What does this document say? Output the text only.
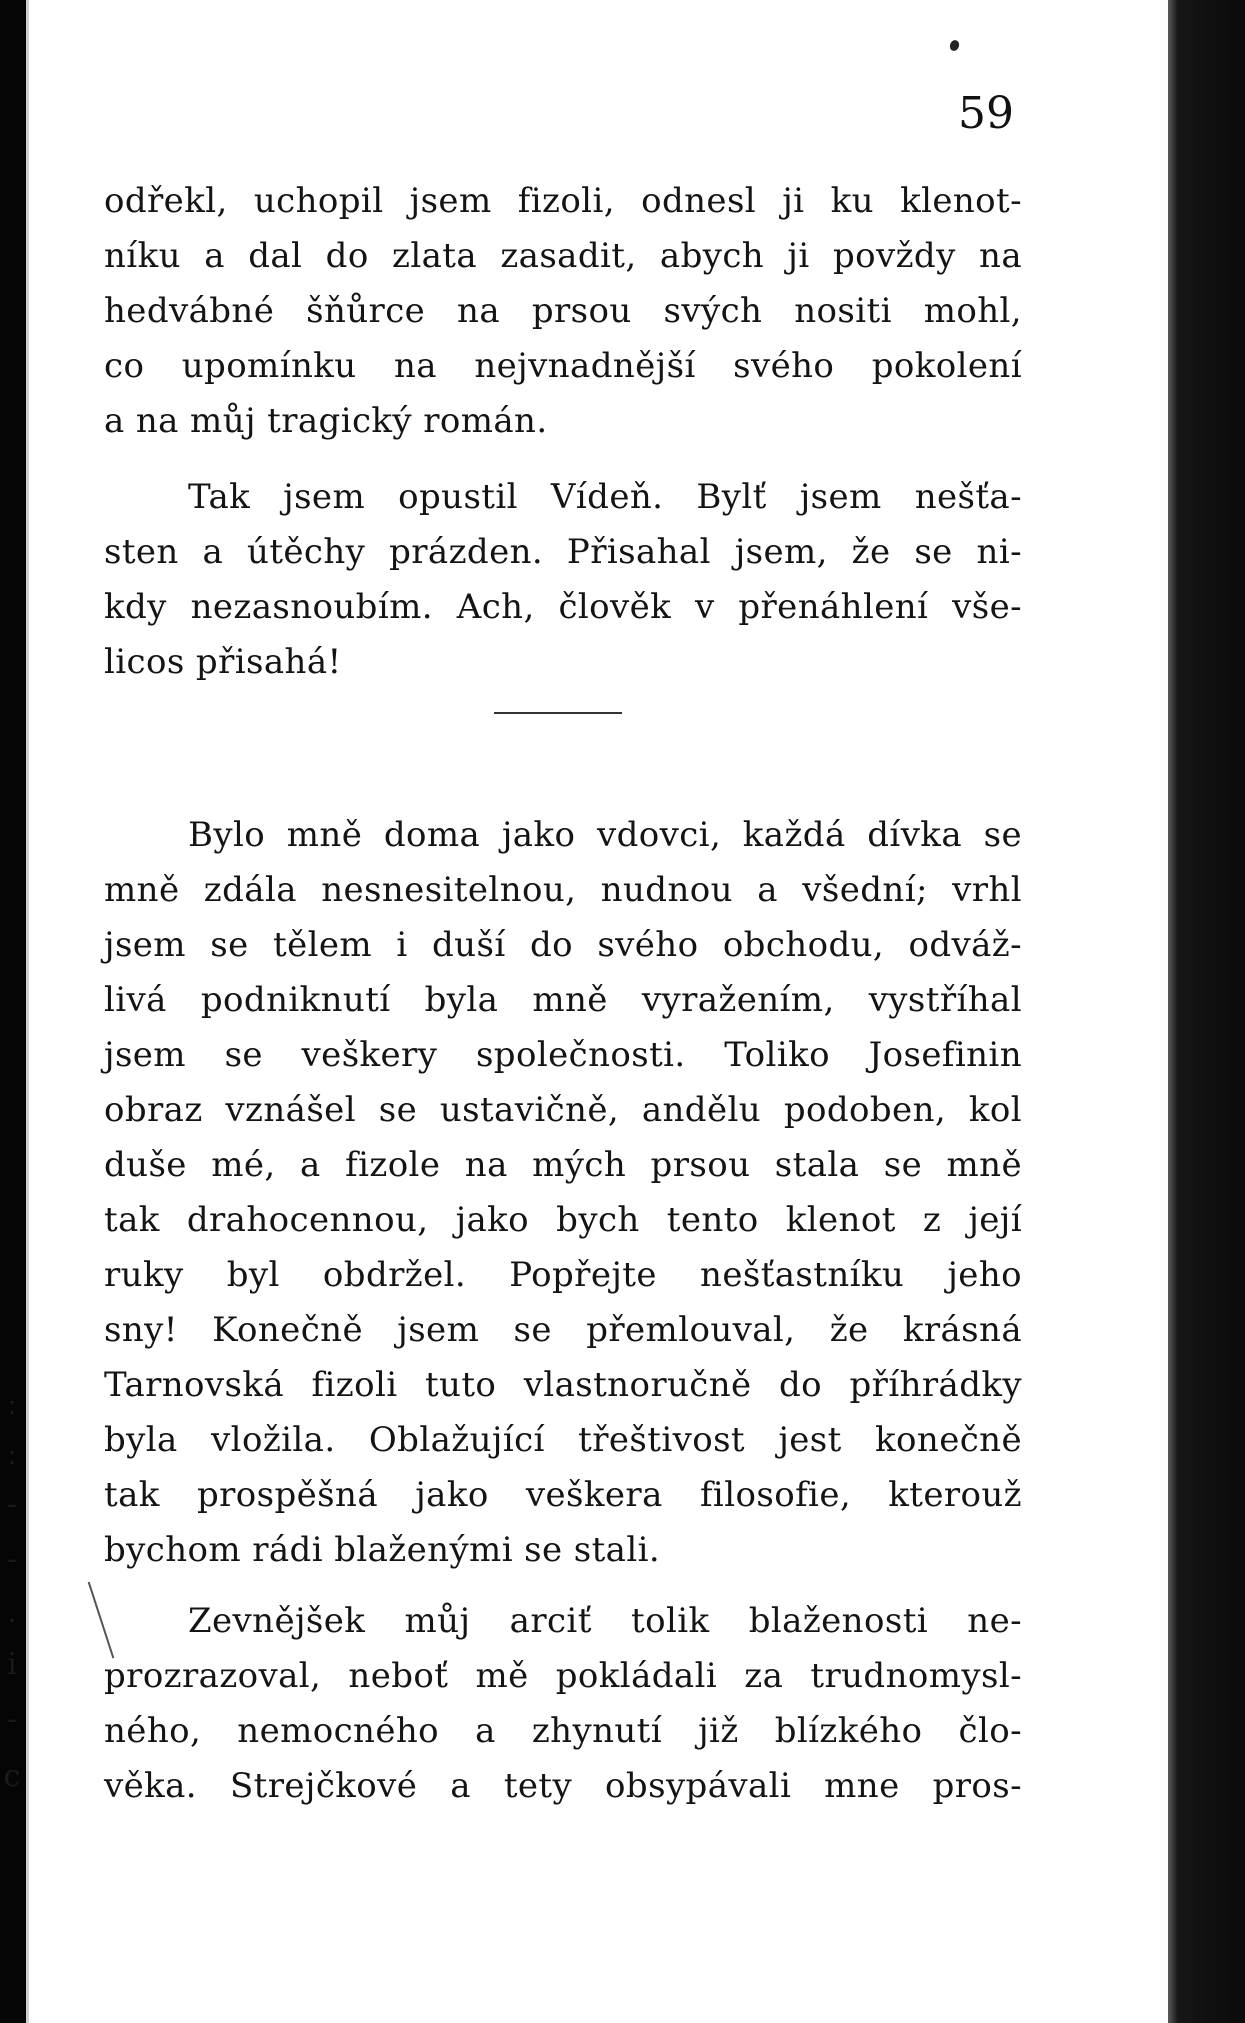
ː
ː
-
-
.
i
-
c
59
odřekl, uchopil jsem fizoli, odnesl ji ku klenot-
níku a dal do zlata zasadit, abych ji povždy na
hedvábné šňůrce na prsou svých nositi mohl,
co upomínku na nejvnadnější svého pokolení
a na můj tragický román.
Tak jsem opustil Vídeň. Bylť jsem nešťa-
sten a útěchy prázden. Přisahal jsem, že se ni-
kdy nezasnoubím. Ach, člověk v přenáhlení vše-
licos přisahá!
Bylo mně doma jako vdovci, každá dívka se
mně zdála nesnesitelnou, nudnou a všední; vrhl
jsem se tělem i duší do svého obchodu, odváž-
livá podniknutí byla mně vyražením, vystříhal
jsem se veškery společnosti. Toliko Josefinin
obraz vznášel se ustavičně, andělu podoben, kol
duše mé, a fizole na mých prsou stala se mně
tak drahocennou, jako bych tento klenot z její
ruky byl obdržel. Popřejte nešťastníku jeho
sny! Konečně jsem se přemlouval, že krásná
Tarnovská fizoli tuto vlastnoručně do příhrádky
byla vložila. Oblažující třeštivost jest konečně
tak prospěšná jako veškera filosofie, kterouž
bychom rádi blaženými se stali.
Zevnějšek můj arciť tolik blaženosti ne-
prozrazoval, neboť mě pokládali za trudnomysl-
ného, nemocného a zhynutí již blízkého člo-
věka. Strejčkové a tety obsypávali mne pros-
